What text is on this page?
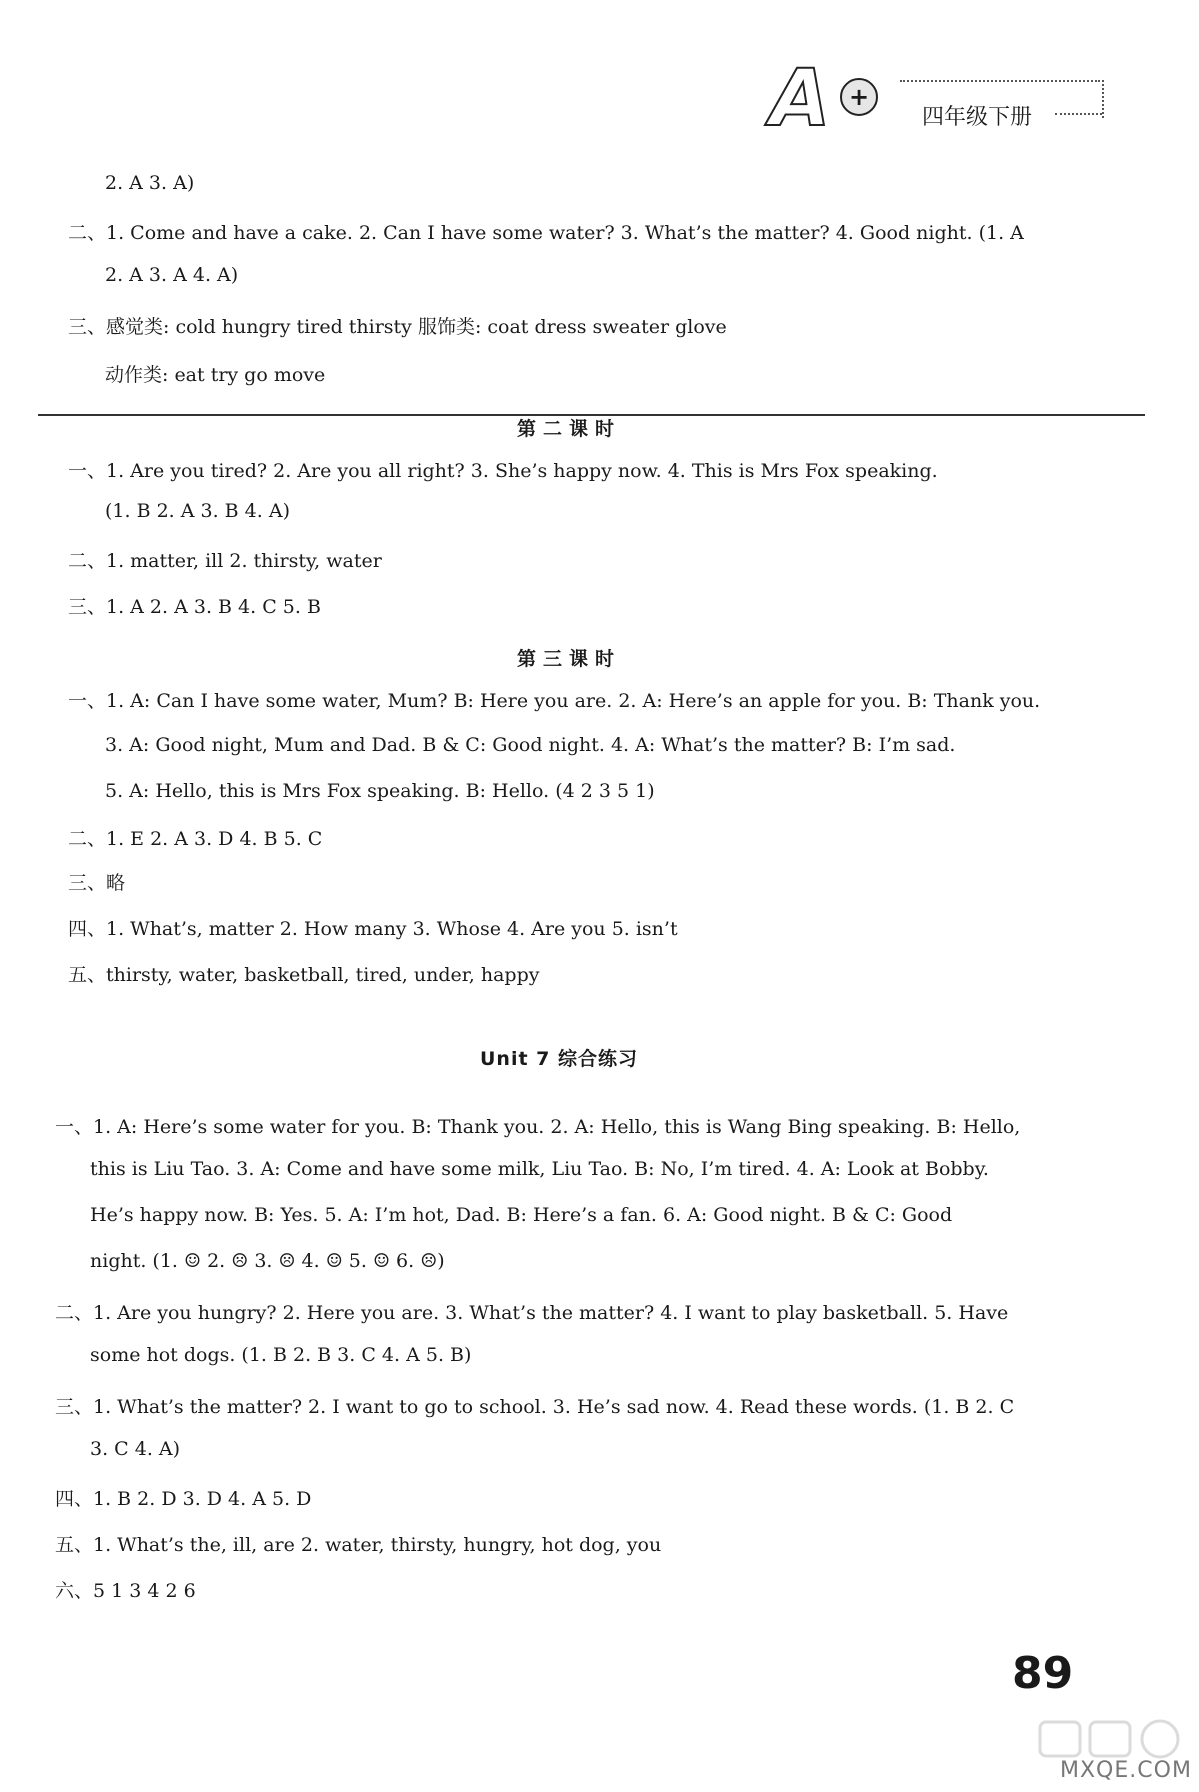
A +
四年级下册
2. A 3. A)
二、1. Come and have a cake. 2. Can I have some water? 3. What’s the matter? 4. Good night. (1. A
2. A 3. A 4. A)
三、感觉类: cold hungry tired thirsty 服饰类: coat dress sweater glove
动作类: eat try go move
第二课时
一、1. Are you tired? 2. Are you all right? 3. She’s happy now. 4. This is Mrs Fox speaking.
(1. B 2. A 3. B 4. A)
二、1. matter, ill 2. thirsty, water
三、1. A 2. A 3. B 4. C 5. B
第三课时
一、1. A: Can I have some water, Mum? B: Here you are. 2. A: Here’s an apple for you. B: Thank you.
3. A: Good night, Mum and Dad. B & C: Good night. 4. A: What’s the matter? B: I’m sad.
5. A: Hello, this is Mrs Fox speaking. B: Hello. (4 2 3 5 1)
二、1. E 2. A 3. D 4. B 5. C
三、略
四、1. What’s, matter 2. How many 3. Whose 4. Are you 5. isn’t
五、thirsty, water, basketball, tired, under, happy
Unit 7 综合练习
一、1. A: Here’s some water for you. B: Thank you. 2. A: Hello, this is Wang Bing speaking. B: Hello,
this is Liu Tao. 3. A: Come and have some milk, Liu Tao. B: No, I’m tired. 4. A: Look at Bobby.
He’s happy now. B: Yes. 5. A: I’m hot, Dad. B: Here’s a fan. 6. A: Good night. B & C: Good
night. (1. ☺ 2. ☹ 3. ☹ 4. ☺ 5. ☺ 6. ☹)
二、1. Are you hungry? 2. Here you are. 3. What’s the matter? 4. I want to play basketball. 5. Have
some hot dogs. (1. B 2. B 3. C 4. A 5. B)
三、1. What’s the matter? 2. I want to go to school. 3. He’s sad now. 4. Read these words. (1. B 2. C
3. C 4. A)
四、1. B 2. D 3. D 4. A 5. D
五、1. What’s the, ill, are 2. water, thirsty, hungry, hot dog, you
六、5 1 3 4 2 6
89
MXQE.COM
